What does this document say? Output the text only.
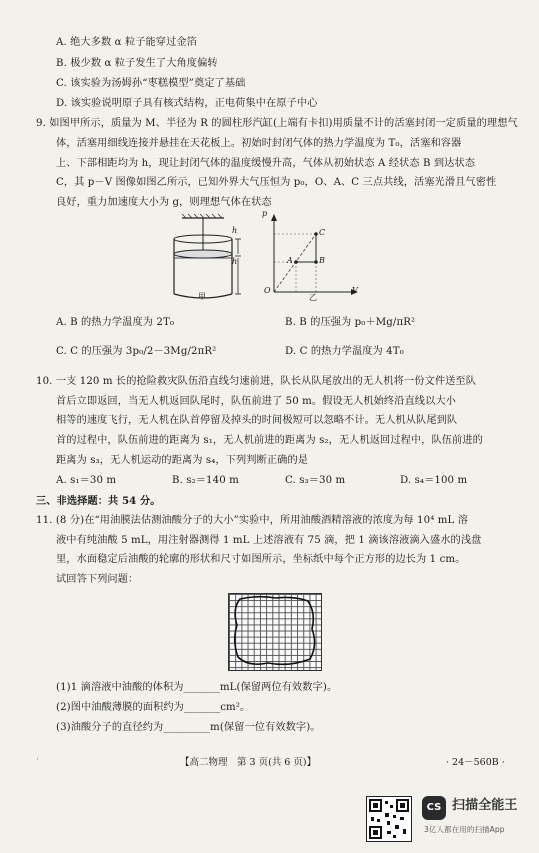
A. 绝大多数 α 粒子能穿过金箔
B. 极少数 α 粒子发生了大角度偏转
C. 该实验为汤姆孙“枣糕模型”奠定了基础
D. 该实验说明原子具有核式结构，正电荷集中在原子中心
9. 如图甲所示，质量为 M、半径为 R 的圆柱形汽缸(上端有卡扣)用质量不计的活塞封闭一定质量的理想气
体，活塞用细线连接并悬挂在天花板上。初始时封闭气体的热力学温度为 T₀，活塞和容器
上、下部相距均为 h，现让封闭气体的温度缓慢升高，气体从初始状态 A 经状态 B 到达状态
C，其 p－V 图像如图乙所示，已知外界大气压恒为 p₀，O、A、C 三点共线，活塞光滑且气密性
良好，重力加速度大小为 g，则理想气体在状态
h
h
甲
p
V
O
A	B
C
乙
A. B 的热力学温度为 2T₀	B. B 的压强为 p₀＋Mg/πR²
C. C 的压强为 3p₀/2－3Mg/2πR²	D. C 的热力学温度为 4T₀
10. 一支 120 m 长的抢险救灾队伍沿直线匀速前进，队长从队尾放出的无人机将一份文件送至队
首后立即返回，当无人机返回队尾时，队伍前进了 50 m。假设无人机始终沿直线以大小
相等的速度飞行，无人机在队首停留及掉头的时间极短可以忽略不计。无人机从队尾到队
首的过程中，队伍前进的距离为 s₁，无人机前进的距离为 s₂，无人机返回过程中，队伍前进的
距离为 s₃，无人机运动的距离为 s₄，下列判断正确的是
A. s₁＝30 m	B. s₂＝140 m	C. s₃＝30 m	D. s₄＝100 m
三、非选择题：共 54 分。
11. (8 分)在“用油膜法估测油酸分子的大小”实验中，所用油酸酒精溶液的浓度为每 10⁴ mL 溶
液中有纯油酸 5 mL，用注射器测得 1 mL 上述溶液有 75 滴，把 1 滴该溶液滴入盛水的浅盘
里，水面稳定后油酸的轮廓的形状和尺寸如图所示，坐标纸中每个正方形的边长为 1 cm。
试回答下列问题：
(1)1 滴溶液中油酸的体积为_______mL(保留两位有效数字)。
(2)图中油酸薄膜的面积约为_______cm²。
(3)油酸分子的直径约为_________m(保留一位有效数字)。
·	【高二物理　第 3 页(共 6 页)】	· 24－560B ·
CS 扫描全能王
3亿人都在用的扫描App
